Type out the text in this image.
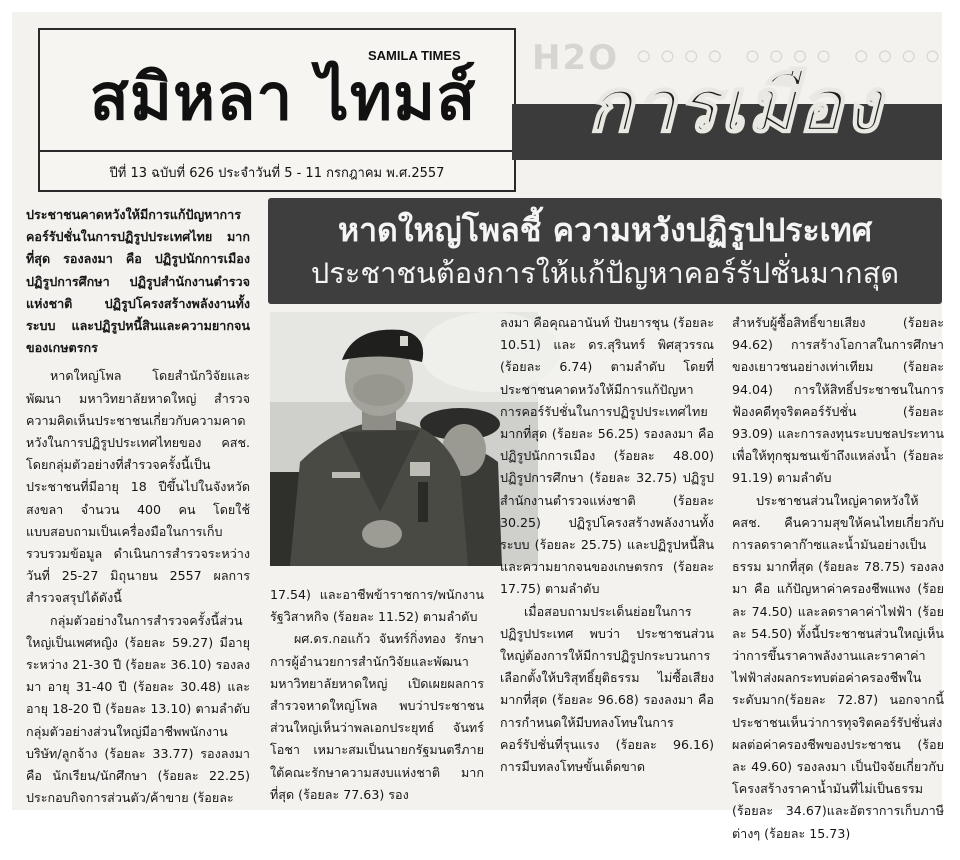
H2O ◦◦◦◦ ◦◦◦◦ ◦◦◦◦
สมิหลา ไทมส์
SAMILA TIMES
ปีที่ 13 ฉบับที่ 626 ประจำวันที่ 5 - 11 กรกฎาคม พ.ศ.2557
การเมือง
หาดใหญ่โพลชี้ ความหวังปฏิรูปประเทศ
ประชาชนต้องการให้แก้ปัญหาคอร์รัปชั่นมากสุด

ประชาชนคาดหวังให้มีการแก้ปัญหาการคอร์รัปชั่นในการปฏิรูปประเทศไทย มากที่สุด รองลงมา คือ ปฏิรูปนักการเมือง ปฏิรูปการศึกษา ปฏิรูปสำนักงานตำรวจแห่งชาติ ปฏิรูปโครงสร้างพลังงานทั้งระบบ และปฏิรูปหนี้สินและความยากจนของเกษตรกร

หาดใหญ่โพล โดยสำนักวิจัยและพัฒนา มหาวิทยาลัยหาดใหญ่ สำรวจความคิดเห็นประชาชนเกี่ยวกับความคาดหวังในการปฏิรูปประเทศไทยของ คสช. โดยกลุ่มตัวอย่างที่สำรวจครั้งนี้เป็นประชาชนที่มีอายุ 18 ปีขึ้นไปในจังหวัดสงขลา จำนวน 400 คน โดยใช้แบบสอบถามเป็นเครื่องมือในการเก็บรวบรวมข้อมูล ดำเนินการสำรวจระหว่างวันที่ 25-27 มิถุนายน 2557 ผลการสำรวจสรุปได้ดังนี้

กลุ่มตัวอย่างในการสำรวจครั้งนี้ส่วนใหญ่เป็นเพศหญิง (ร้อยละ 59.27) มีอายุระหว่าง 21-30 ปี (ร้อยละ 36.10) รองลงมา อายุ 31-40 ปี (ร้อยละ 30.48) และอายุ 18-20 ปี (ร้อยละ 13.10) ตามลำดับ กลุ่มตัวอย่างส่วนใหญ่มีอาชีพพนักงานบริษัท/ลูกจ้าง (ร้อยละ 33.77) รองลงมา คือ นักเรียน/นักศึกษา (ร้อยละ 22.25) ประกอบกิจการส่วนตัว/ค้าขาย (ร้อยละ

17.54) และอาชีพข้าราชการ/พนักงานรัฐวิสาหกิจ (ร้อยละ 11.52) ตามลำดับ

ผศ.ดร.กอแก้ว จันทร์กิ่งทอง รักษาการผู้อำนวยการสำนักวิจัยและพัฒนา มหาวิทยาลัยหาดใหญ่ เปิดเผยผลการสำรวจหาดใหญ่โพล พบว่าประชาชนส่วนใหญ่เห็นว่าพลเอกประยุทธ์ จันทร์โอชา เหมาะสมเป็นนายกรัฐมนตรีภายใต้คณะรักษาความสงบแห่งชาติ มากที่สุด (ร้อยละ 77.63) รอง

ลงมา คือคุณอานันท์ ปันยารชุน (ร้อยละ 10.51) และ ดร.สุรินทร์ พิศสุวรรณ (ร้อยละ 6.74) ตามลำดับ โดยที่ประชาชนคาดหวังให้มีการแก้ปัญหาการคอร์รัปชั่นในการปฏิรูปประเทศไทย มากที่สุด (ร้อยละ 56.25) รองลงมา คือ ปฏิรูปนักการเมือง (ร้อยละ 48.00) ปฏิรูปการศึกษา (ร้อยละ 32.75) ปฏิรูปสำนักงานตำรวจแห่งชาติ (ร้อยละ 30.25) ปฏิรูปโครงสร้างพลังงานทั้งระบบ (ร้อยละ 25.75) และปฏิรูปหนี้สินและความยากจนของเกษตรกร (ร้อยละ 17.75) ตามลำดับ

เมื่อสอบถามประเด็นย่อยในการปฏิรูปประเทศ พบว่า ประชาชนส่วนใหญ่ต้องการให้มีการปฏิรูปกระบวนการเลือกตั้งให้บริสุทธิ์ยุติธรรม ไม่ซื้อเสียง มากที่สุด (ร้อยละ 96.68) รองลงมา คือการกำหนดให้มีบทลงโทษในการคอร์รัปชั่นที่รุนแรง (ร้อยละ 96.16) การมีบทลงโทษขั้นเด็ดขาด

สำหรับผู้ซื้อสิทธิ์ขายเสียง (ร้อยละ 94.62) การสร้างโอกาสในการศึกษาของเยาวชนอย่างเท่าเทียม (ร้อยละ 94.04) การให้สิทธิ์ประชาชนในการฟ้องคดีทุจริตคอร์รัปชั่น (ร้อยละ 93.09) และการลงทุนระบบชลประทานเพื่อให้ทุกชุมชนเข้าถึงแหล่งน้ำ (ร้อยละ 91.19) ตามลำดับ

ประชาชนส่วนใหญ่คาดหวังให้ คสช. คืนความสุขให้คนไทยเกี่ยวกับการลดราคาก๊าซและน้ำมันอย่างเป็นธรรม มากที่สุด (ร้อยละ 78.75) รองลงมา คือ แก้ปัญหาค่าครองชีพแพง (ร้อยละ 74.50) และลดราคาค่าไฟฟ้า (ร้อยละ 54.50) ทั้งนี้ประชาชนส่วนใหญ่เห็นว่าการขึ้นราคาพลังงานและราคาค่าไฟฟ้าส่งผลกระทบต่อค่าครองชีพในระดับมาก(ร้อยละ 72.87) นอกจากนี้ประชาชนเห็นว่าการทุจริตคอร์รัปชั่นส่งผลต่อค่าครองชีพของประชาชน (ร้อยละ 49.60) รองลงมา เป็นปัจจัยเกี่ยวกับโครงสร้างราคาน้ำมันที่ไม่เป็นธรรม (ร้อยละ 34.67)และอัตราการเก็บภาษีต่างๆ (ร้อยละ 15.73)
